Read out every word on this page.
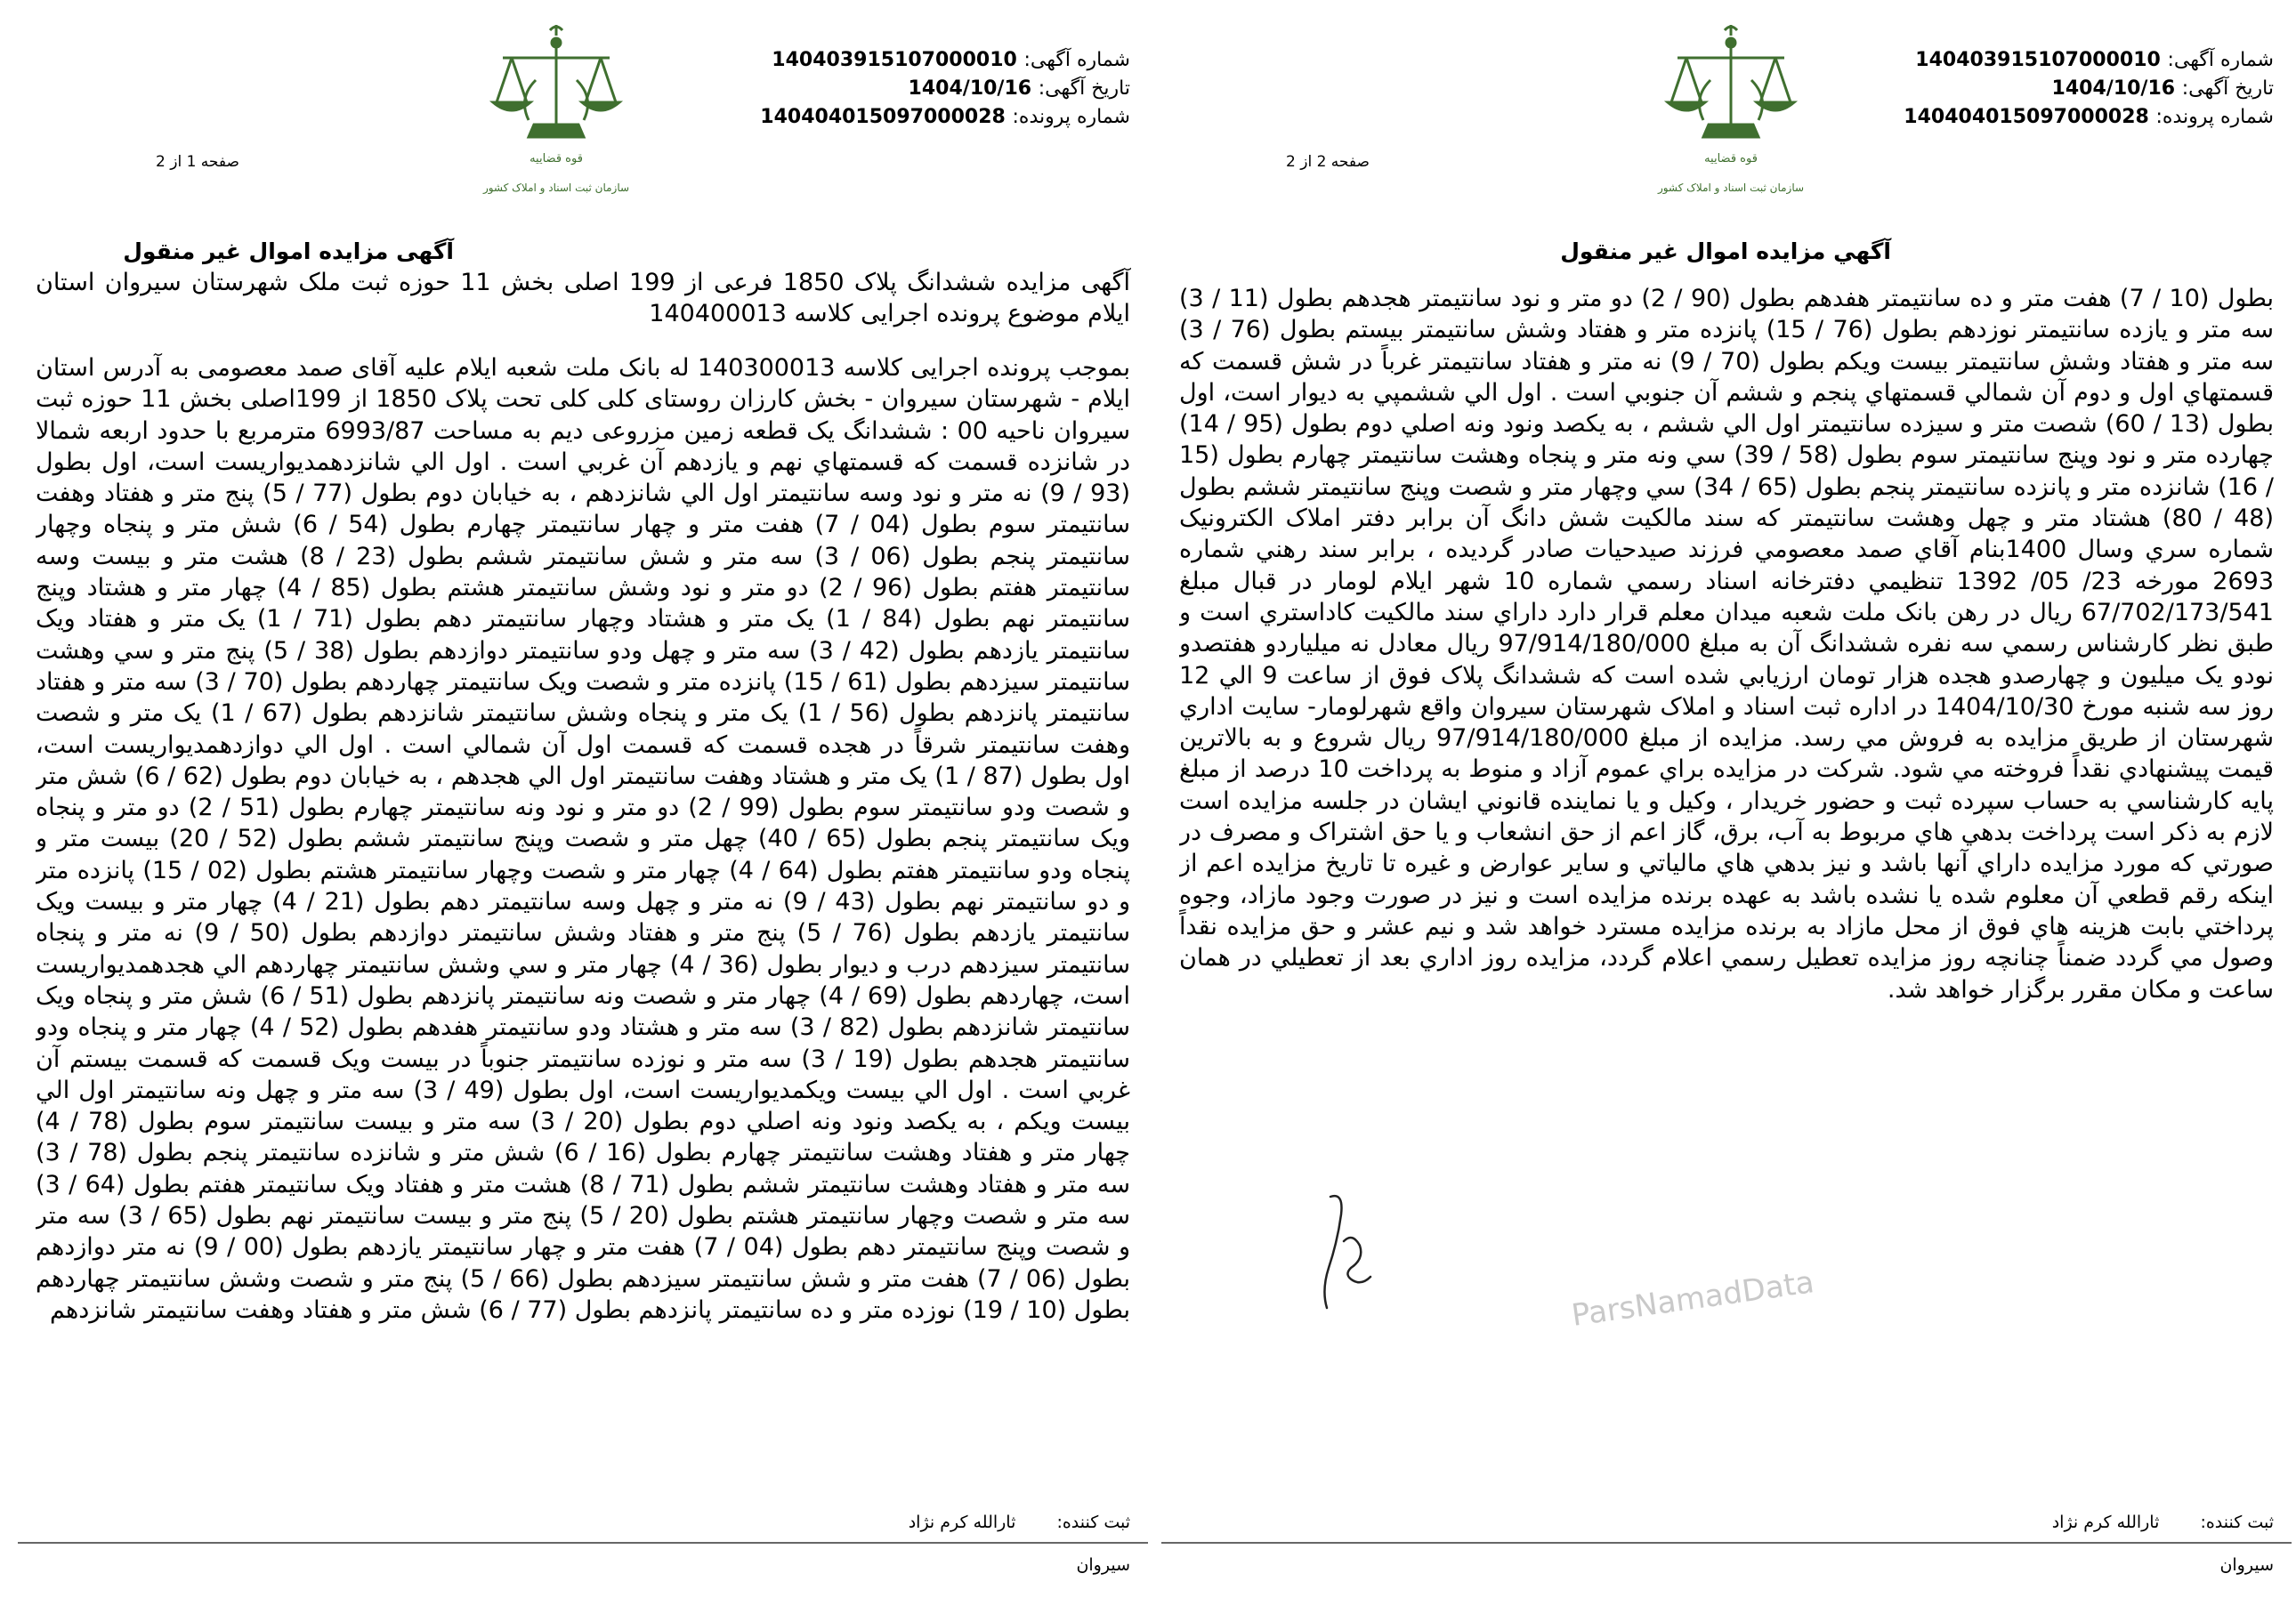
شماره آگهی: 140403915107000010
تاریخ آگهی: 1404/10/16
شماره پرونده: 140404015097000028
قوه قضاییه
سازمان ثبت اسناد و املاک کشور
صفحه 1 از 2
آگهی مزایده اموال غیر منقول
آگهی مزایده ششدانگ پلاک 1850 فرعی از 199 اصلی بخش 11 حوزه ثبت ملک شهرستان سیروان استان ایلام موضوع پرونده اجرایی کلاسه 140400013
بموجب پرونده اجرایی کلاسه 140300013 له بانک ملت شعبه ایلام علیه آقای صمد معصومی به آدرس استان ایلام - شهرستان سیروان - بخش کارزان روستای کلی کلی تحت پلاک 1850 از 199اصلی بخش 11 حوزه ثبت سیروان ناحیه 00 : ششدانگ یک قطعه زمین مزروعی دیم به مساحت 6993/87 مترمربع با حدود اربعه شمالا در شانزده قسمت که قسمتهاي نهم و يازدهم آن غربي است . اول الي شانزدهمديواريست است، اول بطول (93 / 9) نه متر و نود وسه سانتيمتر اول الي شانزدهم ، به خيابان دوم بطول (77 / 5) پنج متر و هفتاد وهفت سانتيمتر سوم بطول (04 / 7) هفت متر و چهار سانتيمتر چهارم بطول (54 / 6) شش متر و پنجاه وچهار سانتيمتر پنجم بطول (06 / 3) سه متر و شش سانتيمتر ششم بطول (23 / 8) هشت متر و بيست وسه سانتيمتر هفتم بطول (96 / 2) دو متر و نود وشش سانتيمتر هشتم بطول (85 / 4) چهار متر و هشتاد وپنج سانتيمتر نهم بطول (84 / 1) يک متر و هشتاد وچهار سانتيمتر دهم بطول (71 / 1) يک متر و هفتاد ويک سانتيمتر يازدهم بطول (42 / 3) سه متر و چهل ودو سانتيمتر دوازدهم بطول (38 / 5) پنج متر و سي وهشت سانتيمتر سيزدهم بطول (61 / 15) پانزده متر و شصت ويک سانتيمتر چهاردهم بطول (70 / 3) سه متر و هفتاد سانتيمتر پانزدهم بطول (56 / 1) يک متر و پنجاه وشش سانتيمتر شانزدهم بطول (67 / 1) يک متر و شصت وهفت سانتيمتر شرقاً در هجده قسمت که قسمت اول آن شمالي است . اول الي دوازدهمديواريست است، اول بطول (87 / 1) يک متر و هشتاد وهفت سانتيمتر اول الي هجدهم ، به خيابان دوم بطول (62 / 6) شش متر و شصت ودو سانتيمتر سوم بطول (99 / 2) دو متر و نود ونه سانتيمتر چهارم بطول (51 / 2) دو متر و پنجاه ويک سانتيمتر پنجم بطول (65 / 40) چهل متر و شصت وپنج سانتيمتر ششم بطول (52 / 20) بيست متر و پنجاه ودو سانتيمتر هفتم بطول (64 / 4) چهار متر و شصت وچهار سانتيمتر هشتم بطول (02 / 15) پانزده متر و دو سانتيمتر نهم بطول (43 / 9) نه متر و چهل وسه سانتيمتر دهم بطول (21 / 4) چهار متر و بيست ويک سانتيمتر يازدهم بطول (76 / 5) پنج متر و هفتاد وشش سانتيمتر دوازدهم بطول (50 / 9) نه متر و پنجاه سانتيمتر سيزدهم درب و ديوار بطول (36 / 4) چهار متر و سي وشش سانتيمتر چهاردهم الي هجدهمديواريست است، چهاردهم بطول (69 / 4) چهار متر و شصت ونه سانتيمتر پانزدهم بطول (51 / 6) شش متر و پنجاه ويک سانتيمتر شانزدهم بطول (82 / 3) سه متر و هشتاد ودو سانتيمتر هفدهم بطول (52 / 4) چهار متر و پنجاه ودو سانتيمتر هجدهم بطول (19 / 3) سه متر و نوزده سانتيمتر جنوباً در بيست ويک قسمت که قسمت بيستم آن غربي است . اول الي بيست ويکمديواريست است، اول بطول (49 / 3) سه متر و چهل ونه سانتيمتر اول الي بيست ويکم ، به يکصد ونود ونه اصلي دوم بطول (20 / 3) سه متر و بيست سانتيمتر سوم بطول (78 / 4) چهار متر و هفتاد وهشت سانتيمتر چهارم بطول (16 / 6) شش متر و شانزده سانتيمتر پنجم بطول (78 / 3) سه متر و هفتاد وهشت سانتيمتر ششم بطول (71 / 8) هشت متر و هفتاد ويک سانتيمتر هفتم بطول (64 / 3) سه متر و شصت وچهار سانتيمتر هشتم بطول (20 / 5) پنج متر و بيست سانتيمتر نهم بطول (65 / 3) سه متر و شصت وپنج سانتيمتر دهم بطول (04 / 7) هفت متر و چهار سانتيمتر يازدهم بطول (00 / 9) نه متر دوازدهم بطول (06 / 7) هفت متر و شش سانتيمتر سيزدهم بطول (66 / 5) پنج متر و شصت وشش سانتيمتر چهاردهم بطول (10 / 19) نوزده متر و ده سانتيمتر پانزدهم بطول (77 / 6) شش متر و هفتاد وهفت سانتيمتر شانزدهم
ثبت کننده: ثارالله کرم نژاد
سیروان
شماره آگهی: 140403915107000010
تاریخ آگهی: 1404/10/16
شماره پرونده: 140404015097000028
قوه قضاییه
سازمان ثبت اسناد و املاک کشور
صفحه 2 از 2
آگهي مزايده اموال غير منقول
بطول (10 / 7) هفت متر و ده سانتيمتر هفدهم بطول (90 / 2) دو متر و نود سانتيمتر هجدهم بطول (11 / 3) سه متر و يازده سانتيمتر نوزدهم بطول (76 / 15) پانزده متر و هفتاد وشش سانتيمتر بيستم بطول (76 / 3) سه متر و هفتاد وشش سانتيمتر بيست ويکم بطول (70 / 9) نه متر و هفتاد سانتيمتر غرباً در شش قسمت که قسمتهاي اول و دوم آن شمالي قسمتهاي پنجم و ششم آن جنوبي است . اول الي ششمپي به ديوار است، اول بطول (13 / 60) شصت متر و سيزده سانتيمتر اول الي ششم ، به يکصد ونود ونه اصلي دوم بطول (95 / 14) چهارده متر و نود وپنج سانتيمتر سوم بطول (58 / 39) سي ونه متر و پنجاه وهشت سانتيمتر چهارم بطول (15 / 16) شانزده متر و پانزده سانتيمتر پنجم بطول (65 / 34) سي وچهار متر و شصت وپنج سانتيمتر ششم بطول (48 / 80) هشتاد متر و چهل وهشت سانتيمتر که سند مالکيت شش دانگ آن برابر دفتر املاک الکترونيک شماره سري وسال 1400بنام آقاي صمد معصومي فرزند صيدحيات صادر گرديده ، برابر سند رهني شماره 2693 مورخه 23/ 05/ 1392 تنظيمي دفترخانه اسناد رسمي شماره 10 شهر ايلام لومار در قبال مبلغ 67/702/173/541 ريال در رهن بانک ملت شعبه ميدان معلم قرار دارد داراي سند مالکيت کاداستري است و طبق نظر کارشناس رسمي سه نفره ششدانگ آن به مبلغ 97/914/180/000 ريال معادل نه ميلياردو هفتصدو نودو يک ميليون و چهارصدو هجده هزار تومان ارزيابي شده است که ششدانگ پلاک فوق از ساعت 9 الي 12 روز سه شنبه مورخ 1404/10/30 در اداره ثبت اسناد و املاک شهرستان سيروان واقع شهرلومار- سايت اداري شهرستان از طريق مزايده به فروش مي رسد. مزايده از مبلغ 97/914/180/000 ريال شروع و به بالاترين قيمت پيشنهادي نقداً فروخته مي شود. شرکت در مزايده براي عموم آزاد و منوط به پرداخت 10 درصد از مبلغ پايه کارشناسي به حساب سپرده ثبت و حضور خريدار ، وکيل و يا نماينده قانوني ايشان در جلسه مزايده است لازم به ذکر است پرداخت بدهي هاي مربوط به آب، برق، گاز اعم از حق انشعاب و يا حق اشتراک و مصرف در صورتي که مورد مزايده داراي آنها باشد و نيز بدهي هاي مالياتي و ساير عوارض و غيره تا تاريخ مزايده اعم از اينکه رقم قطعي آن معلوم شده يا نشده باشد به عهده برنده مزايده است و نيز در صورت وجود مازاد، وجوه پرداختي بابت هزينه هاي فوق از محل مازاد به برنده مزايده مسترد خواهد شد و نيم عشر و حق مزايده نقداً وصول مي گردد ضمناً چنانچه روز مزايده تعطيل رسمي اعلام گردد، مزايده روز اداري بعد از تعطيلي در همان ساعت و مکان مقرر برگزار خواهد شد.
ParsNamadData
ثبت کننده: ثارالله کرم نژاد
سیروان
